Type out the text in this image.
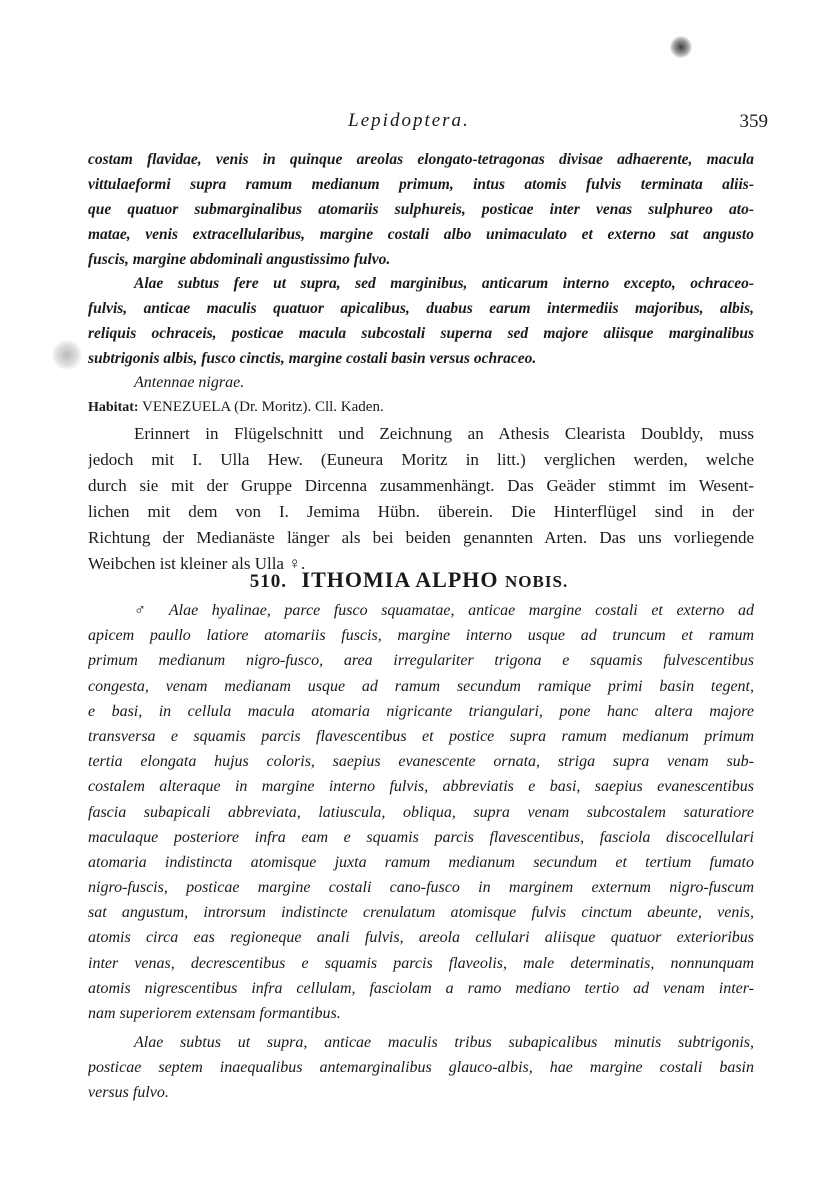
Lepidoptera.	359
costam flavidae, venis in quinque areolas elongato-tetragonas divisae adhaerente, macula
vittulaeformi supra ramum medianum primum, intus atomis fulvis terminata aliis-
que quatuor submarginalibus atomariis sulphureis, posticae inter venas sulphureo ato-
matae, venis extracellularibus, margine costali albo unimaculato et externo sat angusto
fuscis, margine abdominali angustissimo fulvo.
Alae subtus fere ut supra, sed marginibus, anticarum interno excepto, ochraceo-
fulvis, anticae maculis quatuor apicalibus, duabus earum intermediis majoribus, albis,
reliquis ochraceis, posticae macula subcostali superna sed majore aliisque marginalibus
subtrigonis albis, fusco cinctis, margine costali basin versus ochraceo.
Antennae nigrae.
Habitat: VENEZUELA (Dr. Moritz). Cll. Kaden.
Erinnert in Flügelschnitt und Zeichnung an Athesis Clearista Doubldy, muss
jedoch mit I. Ulla Hew. (Euneura Moritz in litt.) verglichen werden, welche
durch sie mit der Gruppe Dircenna zusammenhängt. Das Geäder stimmt im Wesent-
lichen mit dem von I. Jemima Hübn. überein. Die Hinterflügel sind in der
Richtung der Medianäste länger als bei beiden genannten Arten. Das uns vorliegende
Weibchen ist kleiner als Ulla ♀.
510. ITHOMIA ALPHO NOBIS.
♂ Alae hyalinae, parce fusco squamatae, anticae margine costali et externo ad
apicem paullo latiore atomariis fuscis, margine interno usque ad truncum et ramum
primum medianum nigro-fusco, area irregulariter trigona e squamis fulvescentibus
congesta, venam medianam usque ad ramum secundum ramique primi basin tegent,
e basi, in cellula macula atomaria nigricante triangulari, pone hanc altera majore
transversa e squamis parcis flavescentibus et postice supra ramum medianum primum
tertia elongata hujus coloris, saepius evanescente ornata, striga supra venam sub-
costalem alteraque in margine interno fulvis, abbreviatis e basi, saepius evanescentibus
fascia subapicali abbreviata, latiuscula, obliqua, supra venam subcostalem saturatiore
maculaque posteriore infra eam e squamis parcis flavescentibus, fasciola discocellulari
atomaria indistincta atomisque juxta ramum medianum secundum et tertium fumato
nigro-fuscis, posticae margine costali cano-fusco in marginem externum nigro-fuscum
sat angustum, introrsum indistincte crenulatum atomisque fulvis cinctum abeunte, venis,
atomis circa eas regioneque anali fulvis, areola cellulari aliisque quatuor exterioribus
inter venas, decrescentibus e squamis parcis flaveolis, male determinatis, nonnunquam
atomis nigrescentibus infra cellulam, fasciolam a ramo mediano tertio ad venam inter-
nam superiorem extensam formantibus.
Alae subtus ut supra, anticae maculis tribus subapicalibus minutis subtrigonis,
posticae septem inaequalibus antemarginalibus glauco-albis, hae margine costali basin
versus fulvo.
